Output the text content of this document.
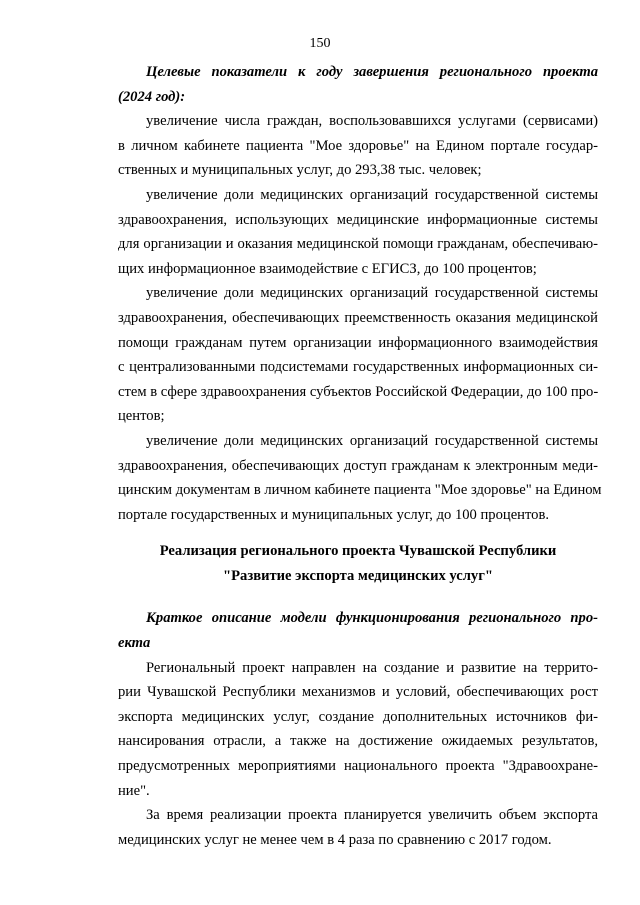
150
Целевые показатели к году завершения регионального проекта
(2024 год):
увеличение числа граждан, воспользовавшихся услугами (сервисами)
в личном кабинете пациента "Мое здоровье" на Едином портале государ-
ственных и муниципальных услуг, до 293,38 тыс. человек;
увеличение доли медицинских организаций государственной системы
здравоохранения, использующих медицинские информационные системы
для организации и оказания медицинской помощи гражданам, обеспечиваю-
щих информационное взаимодействие с ЕГИСЗ, до 100 процентов;
увеличение доли медицинских организаций государственной системы
здравоохранения, обеспечивающих преемственность оказания медицинской
помощи гражданам путем организации информационного взаимодействия
с централизованными подсистемами государственных информационных си-
стем в сфере здравоохранения субъектов Российской Федерации, до 100 про-
центов;
увеличение доли медицинских организаций государственной системы
здравоохранения, обеспечивающих доступ гражданам к электронным меди-
цинским документам в личном кабинете пациента "Мое здоровье" на Едином
портале государственных и муниципальных услуг, до 100 процентов.
Реализация регионального проекта Чувашской Республики
"Развитие экспорта медицинских услуг"
Краткое описание модели функционирования регионального про-
екта
Региональный проект направлен на создание и развитие на террито-
рии Чувашской Республики механизмов и условий, обеспечивающих рост
экспорта медицинских услуг, создание дополнительных источников фи-
нансирования отрасли, а также на достижение ожидаемых результатов,
предусмотренных мероприятиями национального проекта "Здравоохране-
ние".
За время реализации проекта планируется увеличить объем экспорта
медицинских услуг не менее чем в 4 раза по сравнению с 2017 годом.
